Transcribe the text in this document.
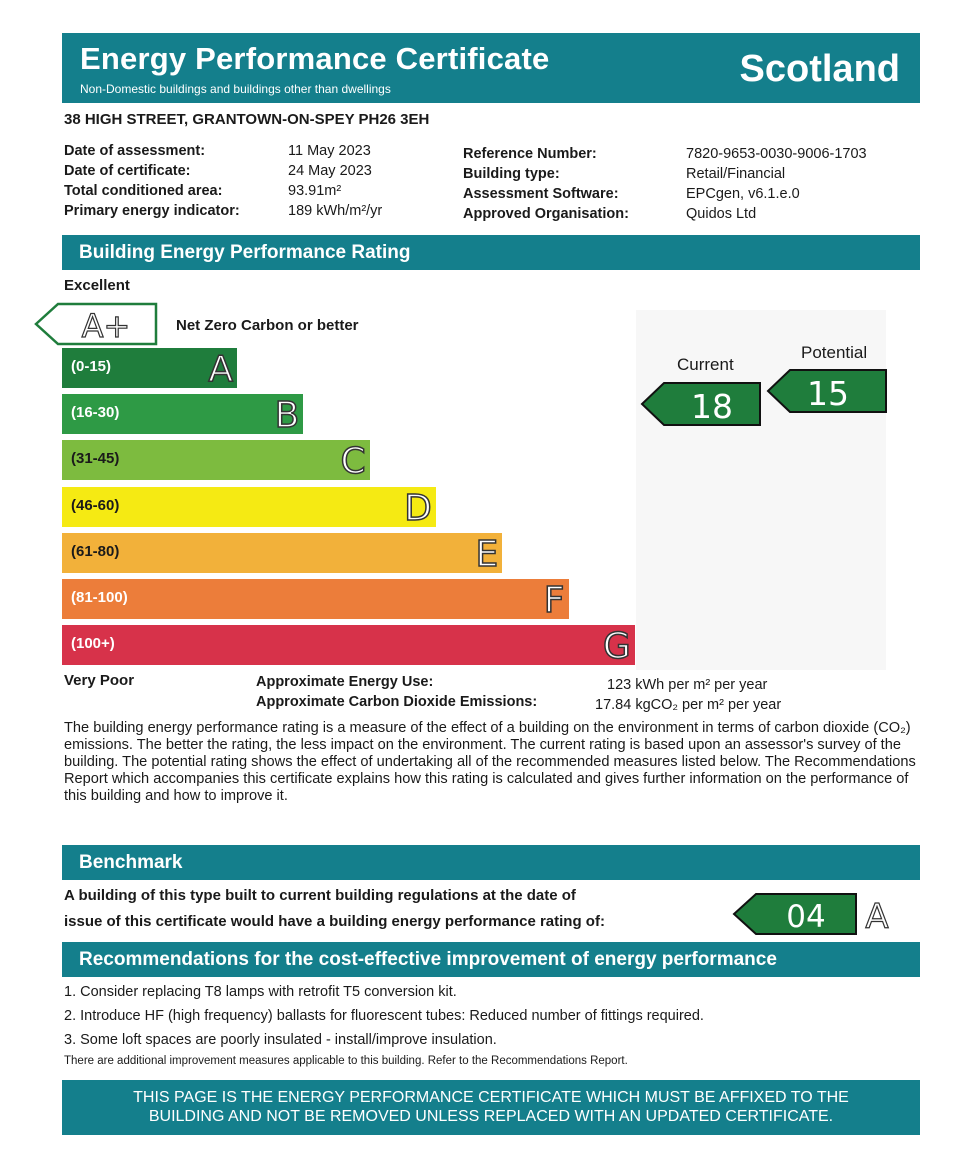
Energy Performance Certificate
Non-Domestic buildings and buildings other than dwellings	Scotland
38 HIGH STREET, GRANTOWN-ON-SPEY PH26 3EH
Date of assessment:	11 May 2023
Date of certificate:	24 May 2023
Total conditioned area:	93.91m²
Primary energy indicator:	189 kWh/m²/yr
Reference Number:	7820-9653-0030-9006-1703
Building type:	Retail/Financial
Assessment Software:	EPCgen, v6.1.e.0
Approved Organisation:	Quidos Ltd
Building Energy Performance Rating
Excellent
A+	Net Zero Carbon or better
(0-15)	A
(16-30)	B
(31-45)	C
(46-60)	D
(61-80)	E
(81-100)	F
(100+)	G
Very Poor
Current
Potential
18 15
Approximate Energy Use:	123 kWh per m² per year
Approximate Carbon Dioxide Emissions:	17.84 kgCO₂ per m² per year
The building energy performance rating is a measure of the effect of a building on the environment in terms of carbon dioxide (CO₂) emissions. The better the rating, the less impact on the environment. The current rating is based upon an assessor's survey of the building. The potential rating shows the effect of undertaking all of the recommended measures listed below. The Recommendations Report which accompanies this certificate explains how this rating is calculated and gives further information on the performance of this building and how to improve it.
Benchmark
A building of this type built to current building regulations at the date of
issue of this certificate would have a building energy performance rating of:	04 A
Recommendations for the cost-effective improvement of energy performance
1. Consider replacing T8 lamps with retrofit T5 conversion kit.
2. Introduce HF (high frequency) ballasts for fluorescent tubes: Reduced number of fittings required.
3. Some loft spaces are poorly insulated - install/improve insulation.
There are additional improvement measures applicable to this building. Refer to the Recommendations Report.
THIS PAGE IS THE ENERGY PERFORMANCE CERTIFICATE WHICH MUST BE AFFIXED TO THE
BUILDING AND NOT BE REMOVED UNLESS REPLACED WITH AN UPDATED CERTIFICATE.
